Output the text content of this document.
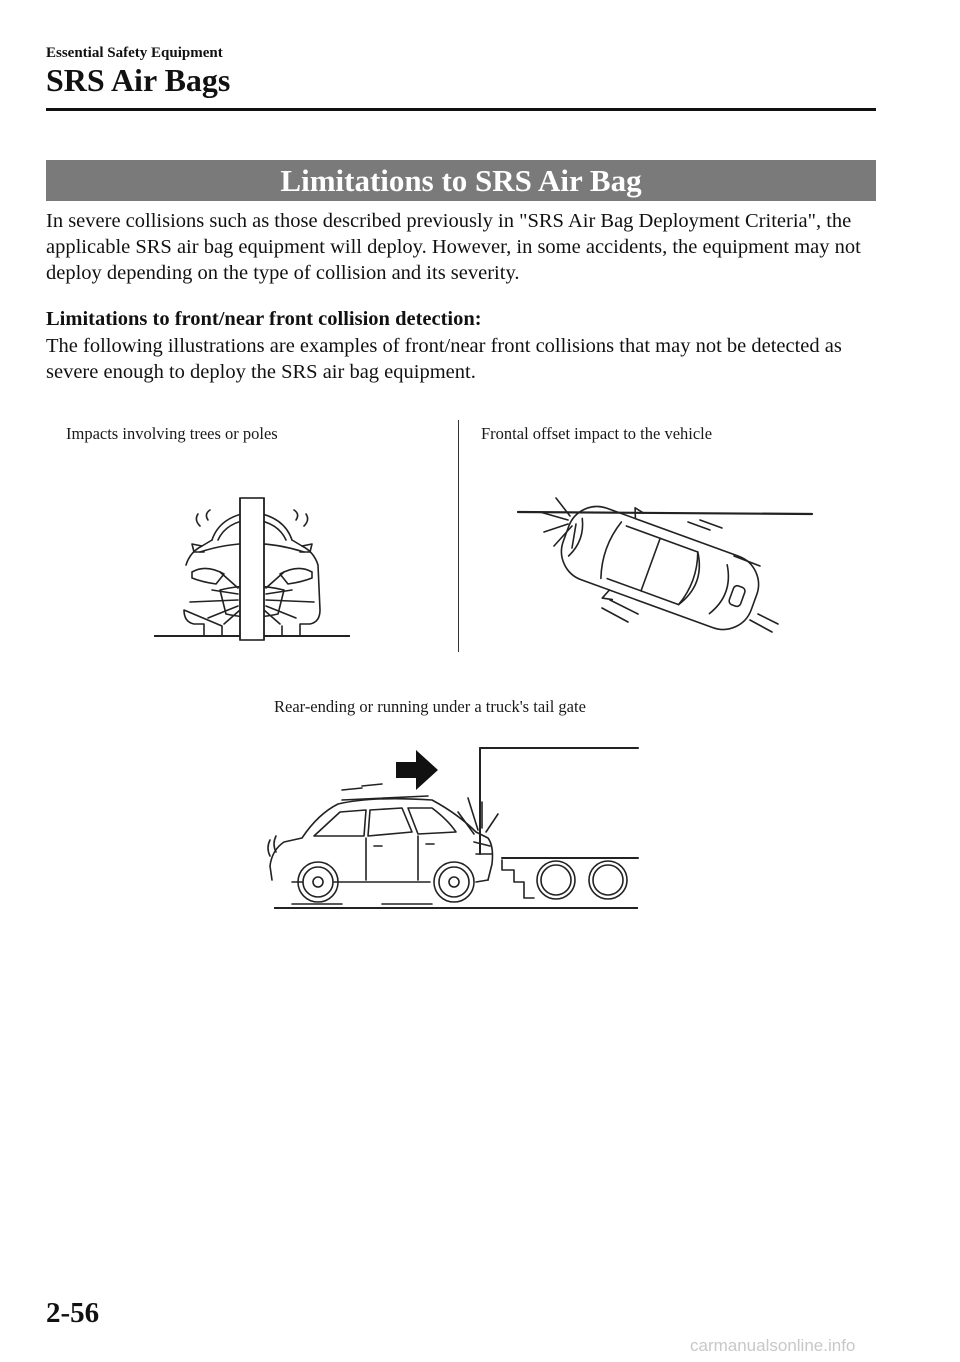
Essential Safety Equipment
SRS Air Bags
Limitations to SRS Air Bag
In severe collisions such as those described previously in "SRS Air Bag Deployment Criteria", the applicable SRS air bag equipment will deploy. However, in some accidents, the equipment may not deploy depending on the type of collision and its severity.
Limitations to front/near front collision detection:
The following illustrations are examples of front/near front collisions that may not be detected as severe enough to deploy the SRS air bag equipment.
Impacts involving trees or poles	Frontal offset impact to the vehicle
Rear-ending or running under a truck's tail gate
2-56
carmanualsonline.info
